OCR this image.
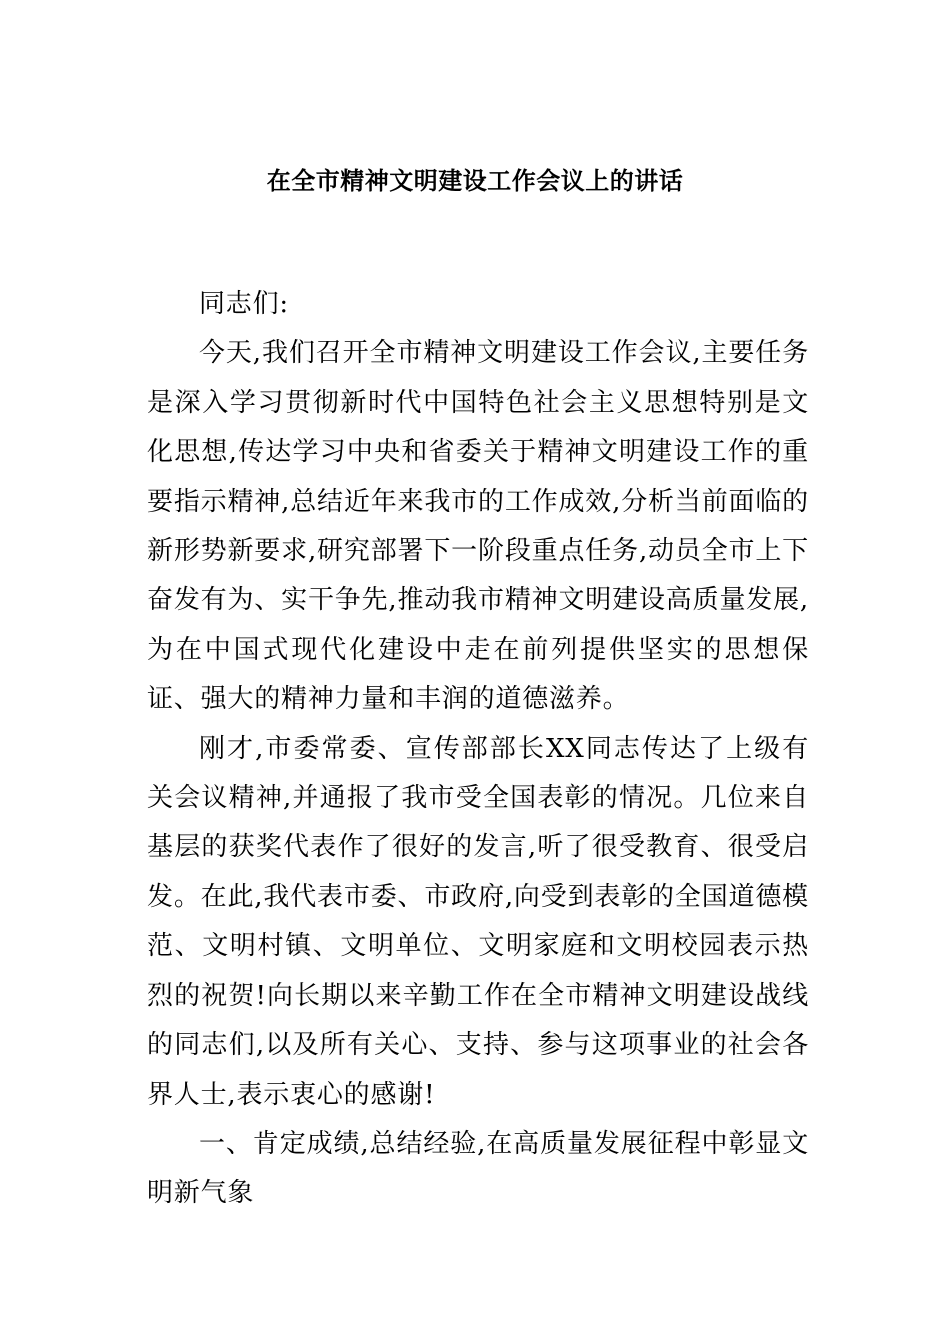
在全市精神文明建设工作会议上的讲话

同志们:

今天,我们召开全市精神文明建设工作会议,主要任务是深入学习贯彻新时代中国特色社会主义思想特别是文化思想,传达学习中央和省委关于精神文明建设工作的重要指示精神,总结近年来我市的工作成效,分析当前面临的新形势新要求,研究部署下一阶段重点任务,动员全市上下奋发有为、实干争先,推动我市精神文明建设高质量发展,为在中国式现代化建设中走在前列提供坚实的思想保证、强大的精神力量和丰润的道德滋养。

刚才,市委常委、宣传部部长XX同志传达了上级有关会议精神,并通报了我市受全国表彰的情况。几位来自基层的获奖代表作了很好的发言,听了很受教育、很受启发。在此,我代表市委、市政府,向受到表彰的全国道德模范、文明村镇、文明单位、文明家庭和文明校园表示热烈的祝贺!向长期以来辛勤工作在全市精神文明建设战线的同志们,以及所有关心、支持、参与这项事业的社会各界人士,表示衷心的感谢!

一、肯定成绩,总结经验,在高质量发展征程中彰显文明新气象
